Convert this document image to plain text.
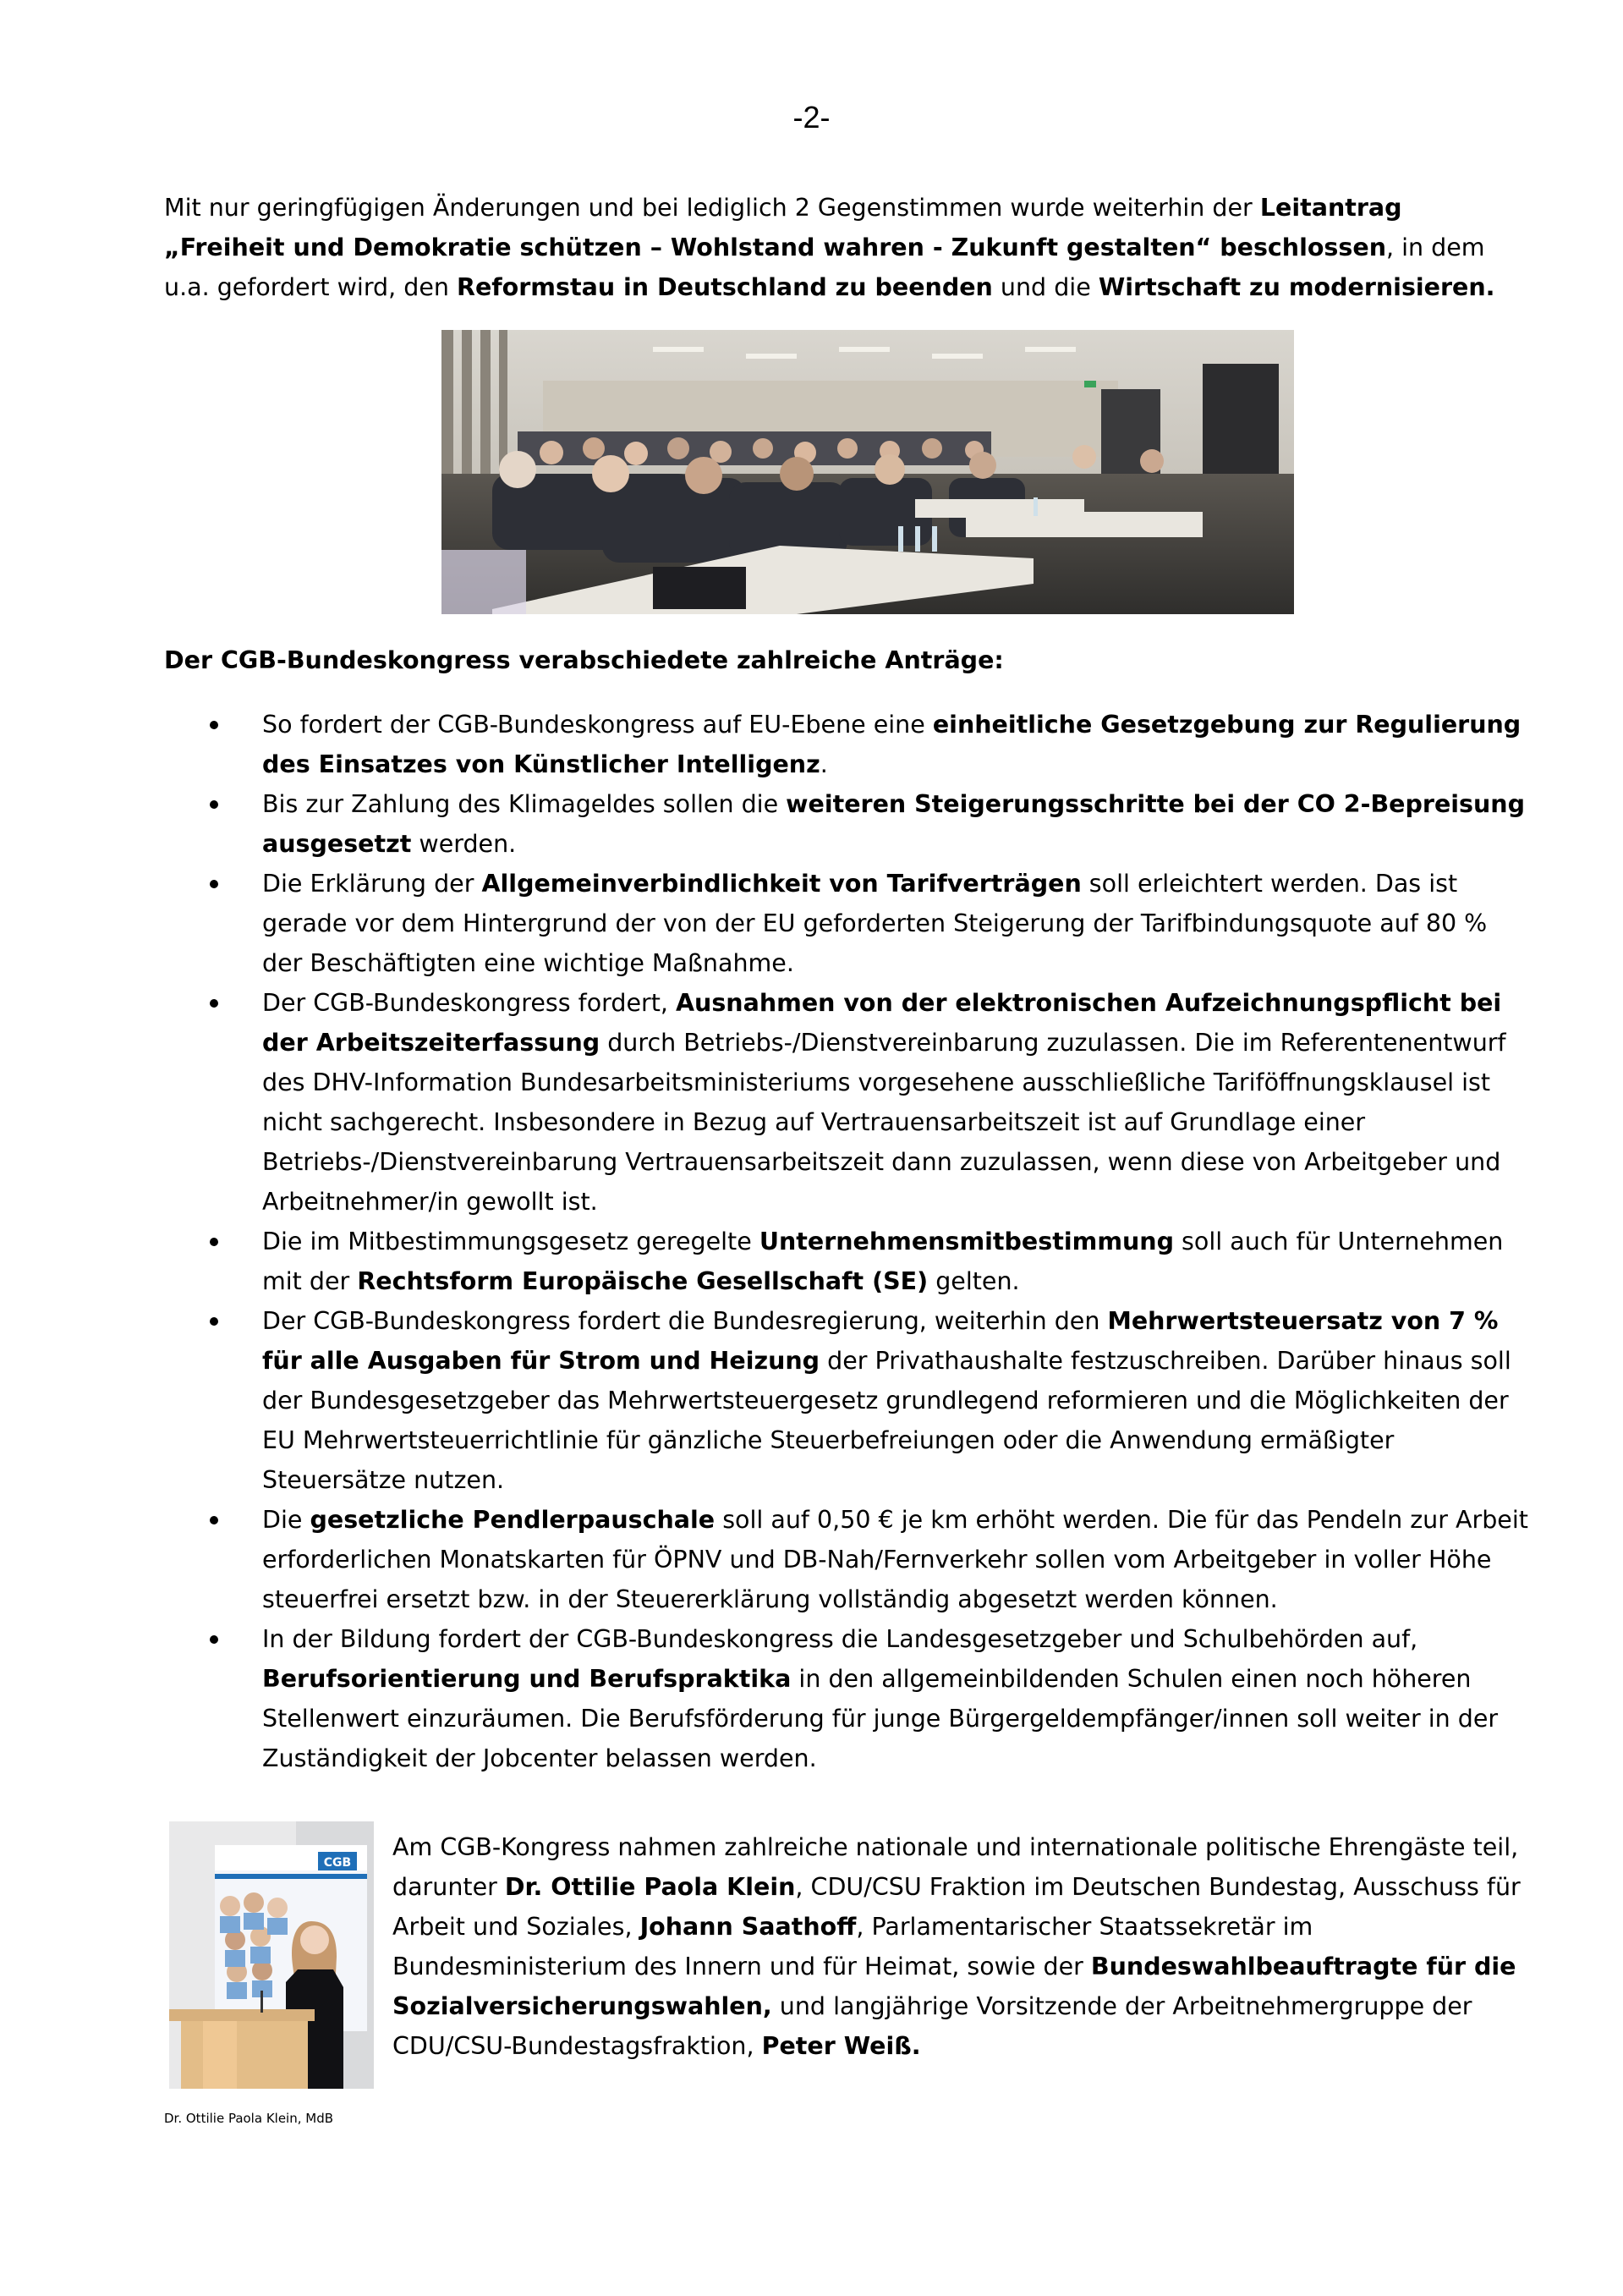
-2-

Mit nur geringfügigen Änderungen und bei lediglich 2 Gegenstimmen wurde weiterhin der Leitantrag „Freiheit und Demokratie schützen – Wohlstand wahren - Zukunft gestalten“ beschlossen, in dem u.a. gefordert wird, den Reformstau in Deutschland zu beenden und die Wirtschaft zu modernisieren.

Der CGB-Bundeskongress verabschiedete zahlreiche Anträge:
So fordert der CGB-Bundeskongress auf EU-Ebene eine einheitliche Gesetzgebung zur Regulierung des Einsatzes von Künstlicher Intelligenz.
Bis zur Zahlung des Klimageldes sollen die weiteren Steigerungsschritte bei der CO 2-Bepreisung ausgesetzt werden.
Die Erklärung der Allgemeinverbindlichkeit von Tarifverträgen soll erleichtert werden. Das ist gerade vor dem Hintergrund der von der EU geforderten Steigerung der Tarifbindungsquote auf 80 % der Beschäftigten eine wichtige Maßnahme.
Der CGB-Bundeskongress fordert, Ausnahmen von der elektronischen Aufzeichnungspflicht bei der Arbeitszeiterfassung durch Betriebs-/Dienstvereinbarung zuzulassen. Die im Referentenentwurf des DHV-Information Bundesarbeitsministeriums vorgesehene ausschließliche Tariföffnungsklausel ist nicht sachgerecht. Insbesondere in Bezug auf Vertrauensarbeitszeit ist auf Grundlage einer Betriebs-/Dienstvereinbarung Vertrauensarbeitszeit dann zuzulassen, wenn diese von Arbeitgeber und Arbeitnehmer/in gewollt ist.
Die im Mitbestimmungsgesetz geregelte Unternehmensmitbestimmung soll auch für Unternehmen mit der Rechtsform Europäische Gesellschaft (SE) gelten.
Der CGB-Bundeskongress fordert die Bundesregierung, weiterhin den Mehrwertsteuersatz von 7 % für alle Ausgaben für Strom und Heizung der Privathaushalte festzuschreiben. Darüber hinaus soll der Bundesgesetzgeber das Mehrwertsteuergesetz grundlegend reformieren und die Möglichkeiten der EU Mehrwertsteuerrichtlinie für gänzliche Steuerbefreiungen oder die Anwendung ermäßigter Steuersätze nutzen.
Die gesetzliche Pendlerpauschale soll auf 0,50 € je km erhöht werden. Die für das Pendeln zur Arbeit erforderlichen Monatskarten für ÖPNV und DB-Nah/Fernverkehr sollen vom Arbeitgeber in voller Höhe steuerfrei ersetzt bzw. in der Steuererklärung vollständig abgesetzt werden können.
In der Bildung fordert der CGB-Bundeskongress die Landesgesetzgeber und Schulbehörden auf, Berufsorientierung und Berufspraktika in den allgemeinbildenden Schulen einen noch höheren Stellenwert einzuräumen. Die Berufsförderung für junge Bürgergeldempfänger/innen soll weiter in der Zuständigkeit der Jobcenter belassen werden.
CGB
Dr. Ottilie Paola Klein, MdB

Am CGB-Kongress nahmen zahlreiche nationale und internationale politische Ehrengäste teil, darunter Dr. Ottilie Paola Klein, CDU/CSU Fraktion im Deutschen Bundestag, Ausschuss für Arbeit und Soziales, Johann Saathoff, Parlamentarischer Staatssekretär im Bundesministerium des Innern und für Heimat, sowie der Bundeswahlbeauftragte für die Sozialversicherungswahlen, und langjährige Vorsitzende der Arbeitnehmergruppe der CDU/CSU-Bundestagsfraktion, Peter Weiß.
